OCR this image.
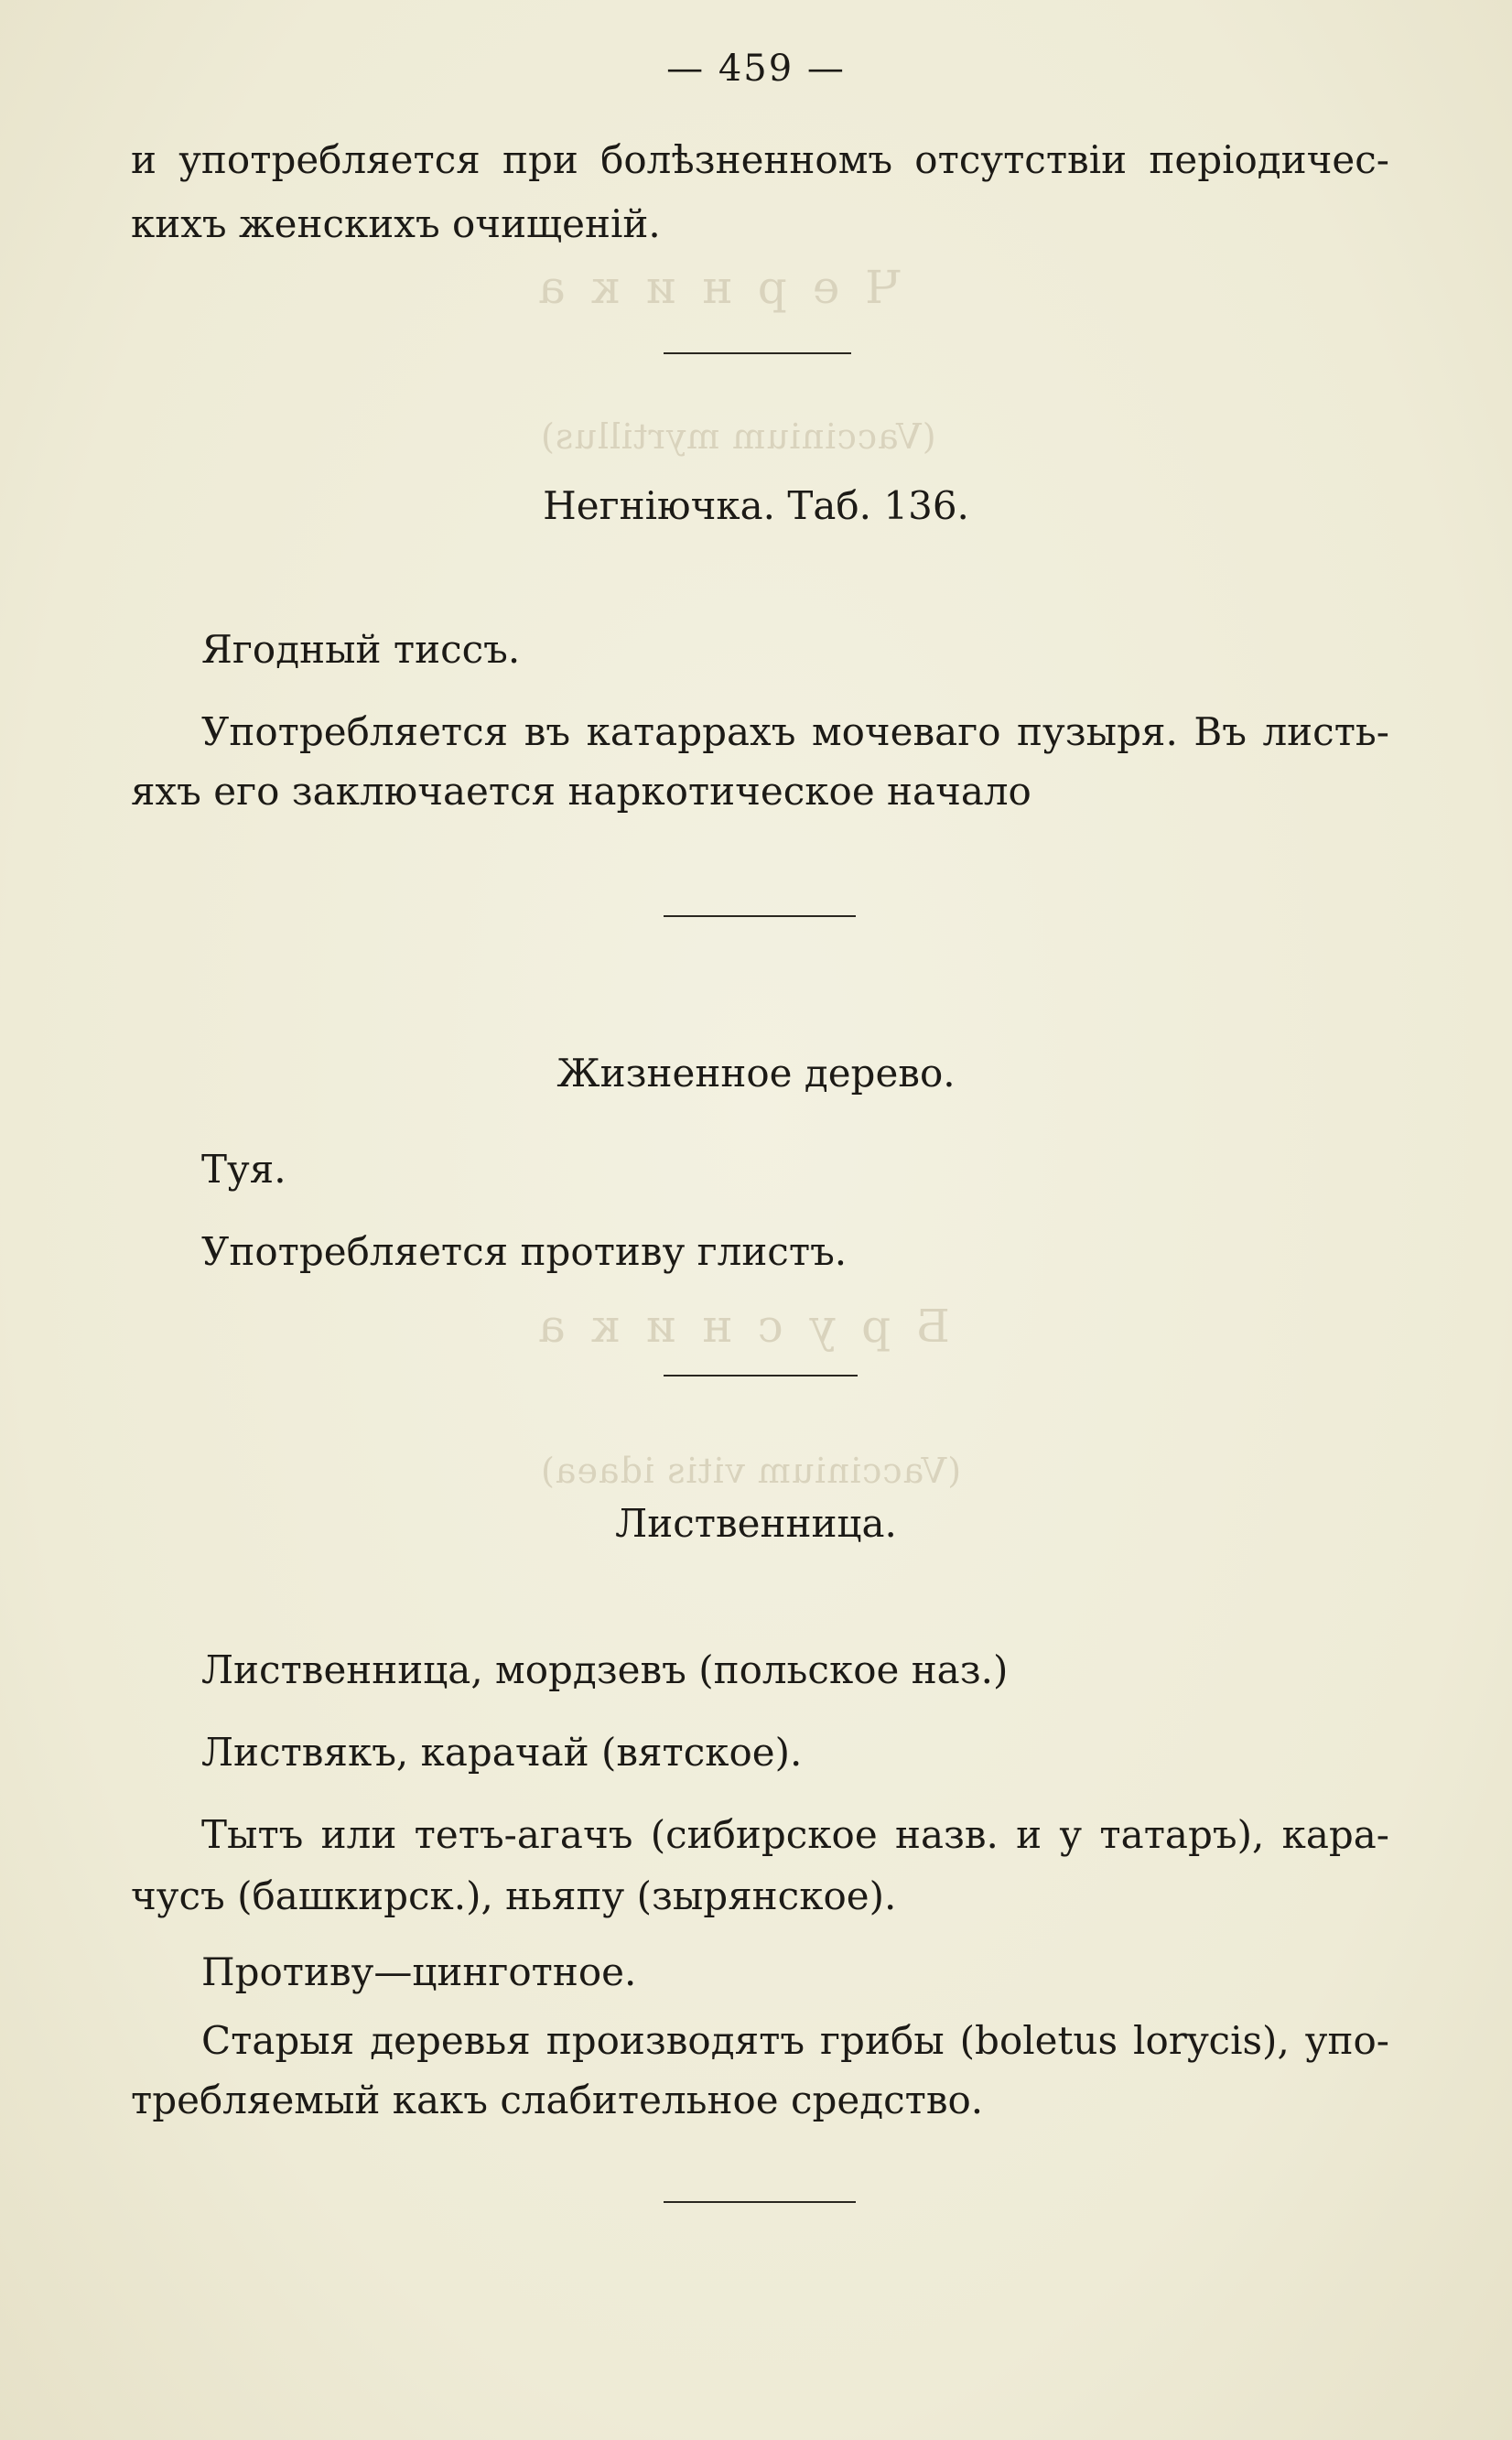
Черника
(Vaccinium myrtillus)
Брусника
(Vaccinium vitis idaea)
— 459 —
и употребляется при болѣзненномъ отсутствіи періодичес-
кихъ женскихъ очищеній.
Негніючка. Таб. 136.
Ягодный тиссъ.
Употребляется въ катаррахъ мочеваго пузыря. Въ листь-
яхъ его заключается наркотическое начало
Жизненное дерево.
Туя.
Употребляется противу глистъ.
Лиственница.
Лиственница, мордзевъ (польское наз.)
Листвякъ, карачай (вятское).
Тытъ или тетъ-агачъ (сибирское назв. и у татаръ), кара-
чусъ (башкирск.), ньяпу (зырянское).
Противу—цинготное.
Старыя деревья производятъ грибы (boletus lorycis), упо-
требляемый какъ слабительное средство.
